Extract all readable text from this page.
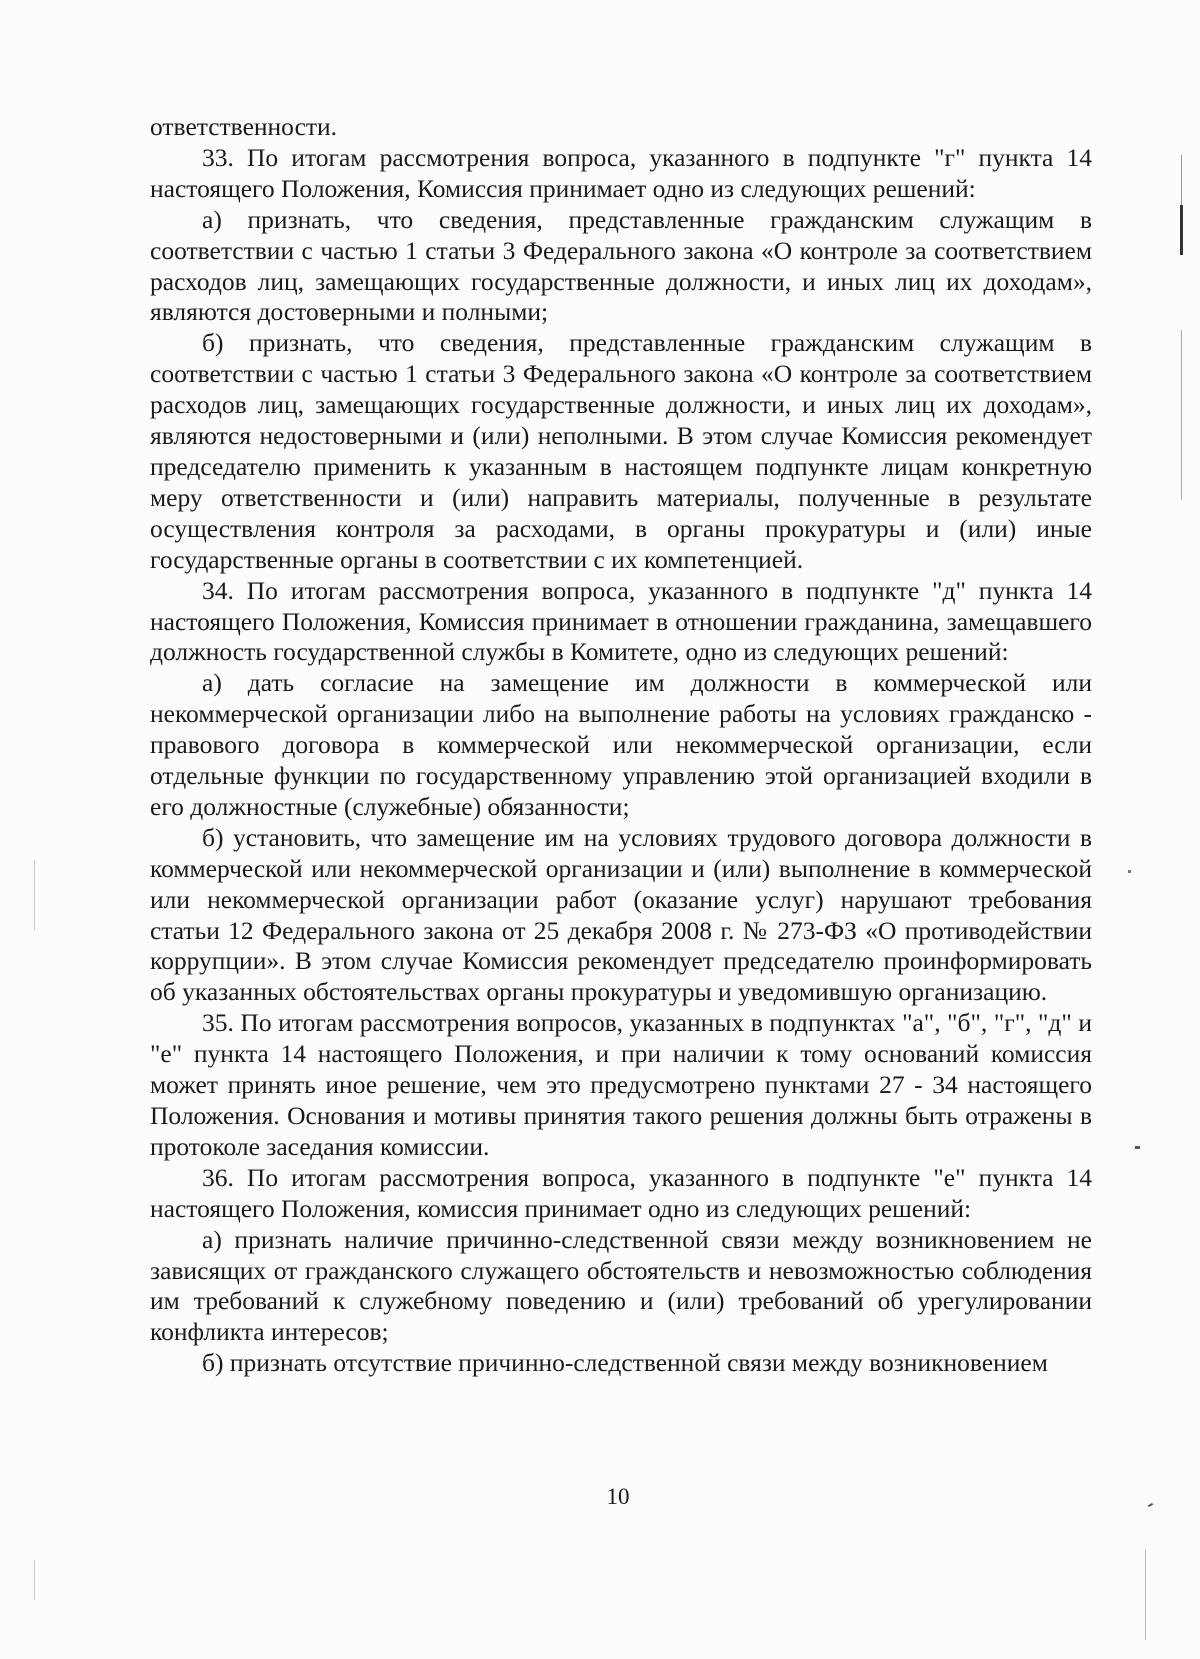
ответственности.

33. По итогам рассмотрения вопроса, указанного в подпункте "г" пункта 14 настоящего Положения, Комиссия принимает одно из следующих решений:

а) признать, что сведения, представленные гражданским служащим в соответствии с частью 1 статьи 3 Федерального закона «О контроле за соответствием расходов лиц, замещающих государственные должности, и иных лиц их доходам», являются достоверными и полными;

б) признать, что сведения, представленные гражданским служащим в соответствии с частью 1 статьи 3 Федерального закона «О контроле за соответствием расходов лиц, замещающих государственные должности, и иных лиц их доходам», являются недостоверными и (или) неполными. В этом случае Комиссия рекомендует председателю применить к указанным в настоящем подпункте лицам конкретную меру ответственности и (или) направить материалы, полученные в результате осуществления контроля за расходами, в органы прокуратуры и (или) иные государственные органы в соответствии с их компетенцией.

34. По итогам рассмотрения вопроса, указанного в подпункте "д" пункта 14 настоящего Положения, Комиссия принимает в отношении гражданина, замещавшего должность государственной службы в Комитете, одно из следующих решений:

а) дать согласие на замещение им должности в коммерческой или некоммерческой организации либо на выполнение работы на условиях гражданско - правового договора в коммерческой или некоммерческой организации, если отдельные функции по государственному управлению этой организацией входили в его должностные (служебные) обязанности;

б) установить, что замещение им на условиях трудового договора должности в коммерческой или некоммерческой организации и (или) выполнение в коммерческой или некоммерческой организации работ (оказание услуг) нарушают требования статьи 12 Федерального закона от 25 декабря 2008 г. № 273-ФЗ «О противодействии коррупции». В этом случае Комиссия рекомендует председателю проинформировать об указанных обстоятельствах органы прокуратуры и уведомившую организацию.

35. По итогам рассмотрения вопросов, указанных в подпунктах "а", "б", "г", "д" и "е" пункта 14 настоящего Положения, и при наличии к тому оснований комиссия может принять иное решение, чем это предусмотрено пунктами 27 - 34 настоящего Положения. Основания и мотивы принятия такого решения должны быть отражены в протоколе заседания комиссии.

36. По итогам рассмотрения вопроса, указанного в подпункте "е" пункта 14 настоящего Положения, комиссия принимает одно из следующих решений:

а) признать наличие причинно-следственной связи между возникновением не зависящих от гражданского служащего обстоятельств и невозможностью соблюдения им требований к служебному поведению и (или) требований об урегулировании конфликта интересов;

б) признать отсутствие причинно-следственной связи между возникновением

10
